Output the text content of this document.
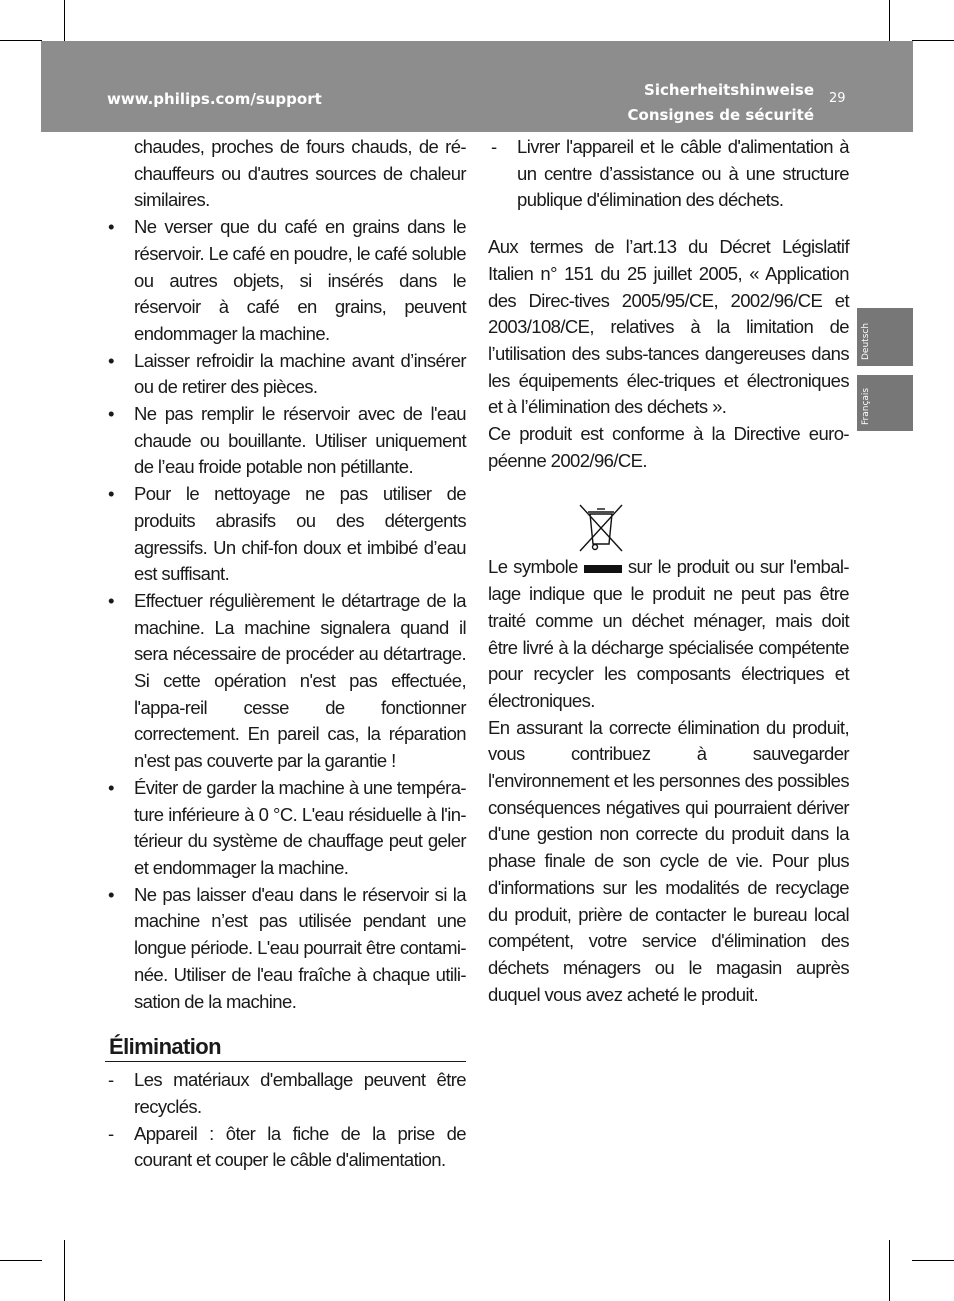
www.philips.com/support	Sicherheitshinweise
Consignes de sécurité
29
Deutsch
Français

chaudes, proches de fours chauds, de ré-chauffeurs ou d'autres sources de chaleur similaires.

• Ne verser que du café en grains dans le réservoir. Le café en poudre, le café soluble ou autres objets, si insérés dans le réservoir à café en grains, peuvent endommager la machine.

• Laisser refroidir la machine avant d’insérer ou de retirer des pièces.

• Ne pas remplir le réservoir avec de l'eau chaude ou bouillante. Utiliser uniquement de l’eau froide potable non pétillante.

• Pour le nettoyage ne pas utiliser de produits abrasifs ou des détergents agressifs. Un chif-fon doux et imbibé d’eau est suffisant.

• Effectuer régulièrement le détartrage de la machine. La machine signalera quand il sera nécessaire de procéder au détartrage. Si cette opération n'est pas effectuée, l'appa-reil cesse de fonctionner correctement. En pareil cas, la réparation n'est pas couverte par la garantie !

• Éviter de garder la machine à une tempéra-ture inférieure à 0 °C. L'eau résiduelle à l'in-térieur du système de chauffage peut geler et endommager la machine.

• Ne pas laisser d'eau dans le réservoir si la machine n’est pas utilisée pendant une longue période. L'eau pourrait être contami-née. Utiliser de l'eau fraîche à chaque utili-sation de la machine.

Élimination

- Les matériaux d'emballage peuvent être recyclés.

- Appareil : ôter la fiche de la prise de courant et couper le câble d'alimentation.

- Livrer l'appareil et le câble d'alimentation à un centre d’assistance ou à une structure publique d'élimination des déchets.

Aux termes de l’art.13 du Décret Législatif Italien n° 151 du 25 juillet 2005, « Application des Direc-tives 2005/95/CE, 2002/96/CE et 2003/108/CE, relatives à la limitation de l’utilisation des subs-tances dangereuses dans les équipements élec-triques et électroniques et à l’élimination des déchets ».

Ce produit est conforme à la Directive euro-péenne 2002/96/CE.

Le symbole	sur le produit ou sur l'embal-lage indique que le produit ne peut pas être traité comme un déchet ménager, mais doit être livré à la décharge spécialisée compétente pour recycler les composants électriques et électroniques.

En assurant la correcte élimination du produit, vous contribuez à sauvegarder l'environnement et les personnes des possibles conséquences négatives qui pourraient dériver d'une gestion non correcte du produit dans la phase finale de son cycle de vie. Pour plus d'informations sur les modalités de recyclage du produit, prière de contacter le bureau local compétent, votre service d'élimination des déchets ménagers ou le magasin auprès duquel vous avez acheté le produit.
